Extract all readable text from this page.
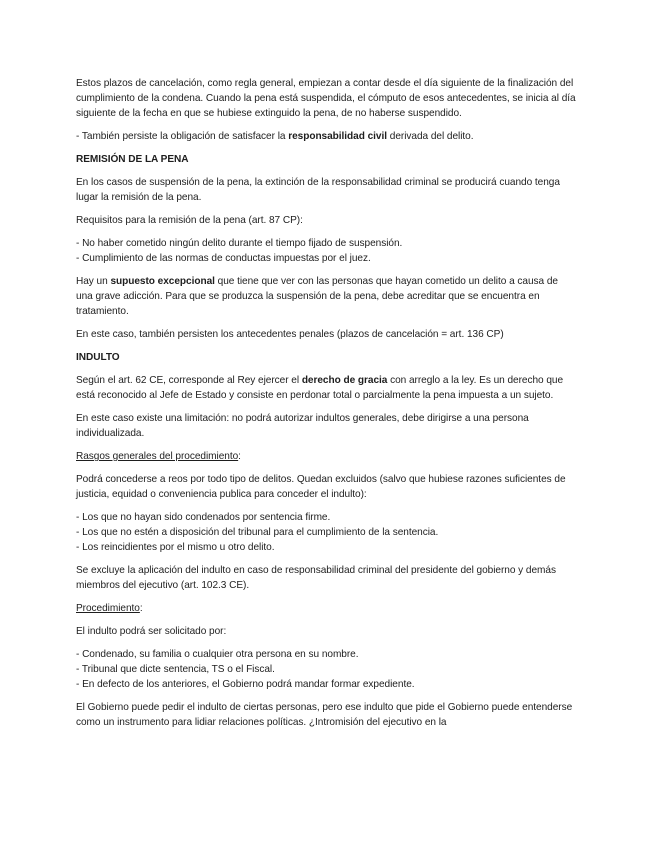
Estos plazos de cancelación, como regla general, empiezan a contar desde el día siguiente de la finalización del cumplimiento de la condena. Cuando la pena está suspendida, el cómputo de esos antecedentes, se inicia al día siguiente de la fecha en que se hubiese extinguido la pena, de no haberse suspendido.

- También persiste la obligación de satisfacer la responsabilidad civil derivada del delito.

REMISIÓN DE LA PENA

En los casos de suspensión de la pena, la extinción de la responsabilidad criminal se producirá cuando tenga lugar la remisión de la pena.

Requisitos para la remisión de la pena (art. 87 CP):

- No haber cometido ningún delito durante el tiempo fijado de suspensión.
- Cumplimiento de las normas de conductas impuestas por el juez.

Hay un supuesto excepcional que tiene que ver con las personas que hayan cometido un delito a causa de una grave adicción. Para que se produzca la suspensión de la pena, debe acreditar que se encuentra en tratamiento.

En este caso, también persisten los antecedentes penales (plazos de cancelación = art. 136 CP)

INDULTO

Según el art. 62 CE, corresponde al Rey ejercer el derecho de gracia con arreglo a la ley. Es un derecho que está reconocido al Jefe de Estado y consiste en perdonar total o parcialmente la pena impuesta a un sujeto.

En este caso existe una limitación: no podrá autorizar indultos generales, debe dirigirse a una persona individualizada.

Rasgos generales del procedimiento:

Podrá concederse a reos por todo tipo de delitos. Quedan excluidos (salvo que hubiese razones suficientes de justicia, equidad o conveniencia publica para conceder el indulto):

- Los que no hayan sido condenados por sentencia firme.
- Los que no estén a disposición del tribunal para el cumplimiento de la sentencia.
- Los reincidientes por el mismo u otro delito.

Se excluye la aplicación del indulto en caso de responsabilidad criminal del presidente del gobierno y demás miembros del ejecutivo (art. 102.3 CE).

Procedimiento:

El indulto podrá ser solicitado por:

- Condenado, su familia o cualquier otra persona en su nombre.
- Tribunal que dicte sentencia, TS o el Fiscal.
- En defecto de los anteriores, el Gobierno podrá mandar formar expediente.

El Gobierno puede pedir el indulto de ciertas personas, pero ese indulto que pide el Gobierno puede entenderse como un instrumento para lidiar relaciones políticas. ¿Intromisión del ejecutivo en la
